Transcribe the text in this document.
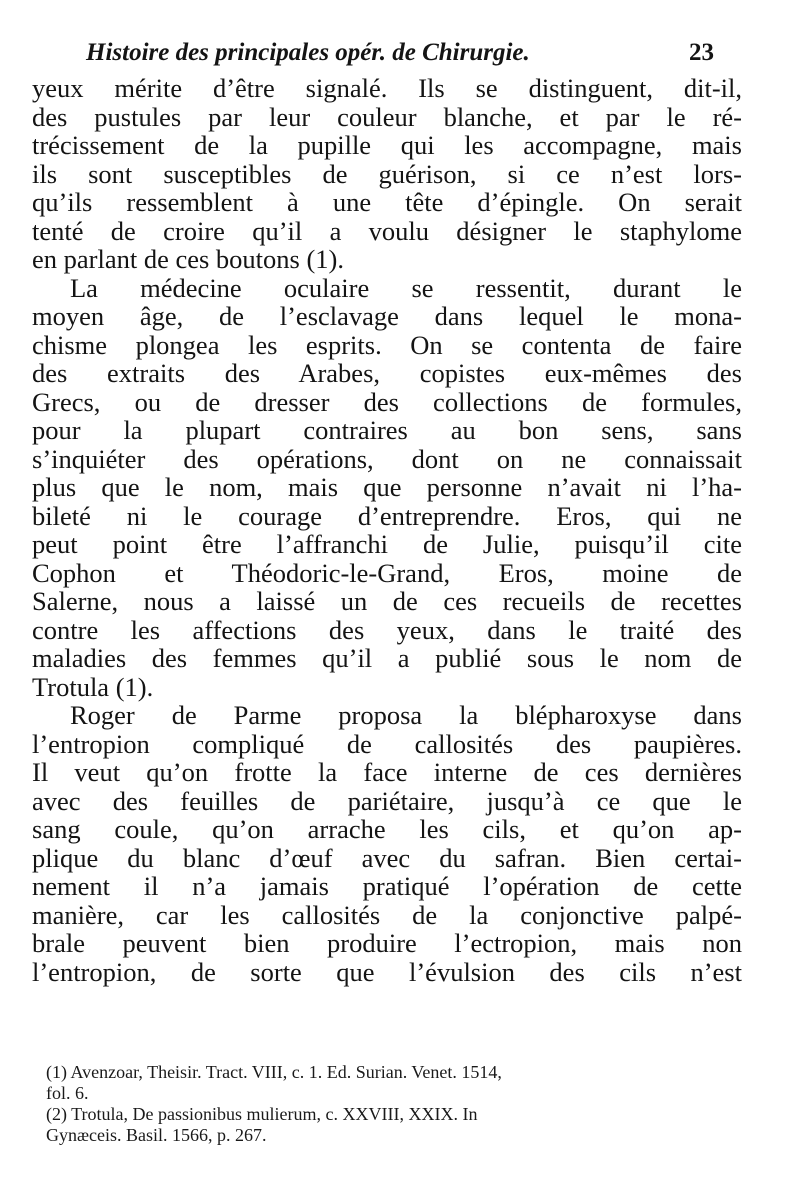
Histoire des principales opér. de Chirurgie.	23
yeux mérite d’être signalé. Ils se distinguent, dit-il,
des pustules par leur couleur blanche, et par le ré-
trécissement de la pupille qui les accompagne, mais
ils sont susceptibles de guérison, si ce n’est lors-
qu’ils ressemblent à une tête d’épingle. On serait
tenté de croire qu’il a voulu désigner le staphylome
en parlant de ces boutons (1).
La médecine oculaire se ressentit, durant le
moyen âge, de l’esclavage dans lequel le mona-
chisme plongea les esprits. On se contenta de faire
des extraits des Arabes, copistes eux-mêmes des
Grecs, ou de dresser des collections de formules,
pour la plupart contraires au bon sens, sans
s’inquiéter des opérations, dont on ne connaissait
plus que le nom, mais que personne n’avait ni l’ha-
bileté ni le courage d’entreprendre. Eros, qui ne
peut point être l’affranchi de Julie, puisqu’il cite
Cophon et Théodoric-le-Grand, Eros, moine de
Salerne, nous a laissé un de ces recueils de recettes
contre les affections des yeux, dans le traité des
maladies des femmes qu’il a publié sous le nom de
Trotula (1).
Roger de Parme proposa la blépharoxyse dans
l’entropion compliqué de callosités des paupières.
Il veut qu’on frotte la face interne de ces dernières
avec des feuilles de pariétaire, jusqu’à ce que le
sang coule, qu’on arrache les cils, et qu’on ap-
plique du blanc d’œuf avec du safran. Bien certai-
nement il n’a jamais pratiqué l’opération de cette
manière, car les callosités de la conjonctive palpé-
brale peuvent bien produire l’ectropion, mais non
l’entropion, de sorte que l’évulsion des cils n’est
(1) Avenzoar, Theisir. Tract. VIII, c. 1. Ed. Surian. Venet. 1514,
fol. 6.
(2) Trotula, De passionibus mulierum, c. XXVIII, XXIX. In
Gynæceis. Basil. 1566, p. 267.
